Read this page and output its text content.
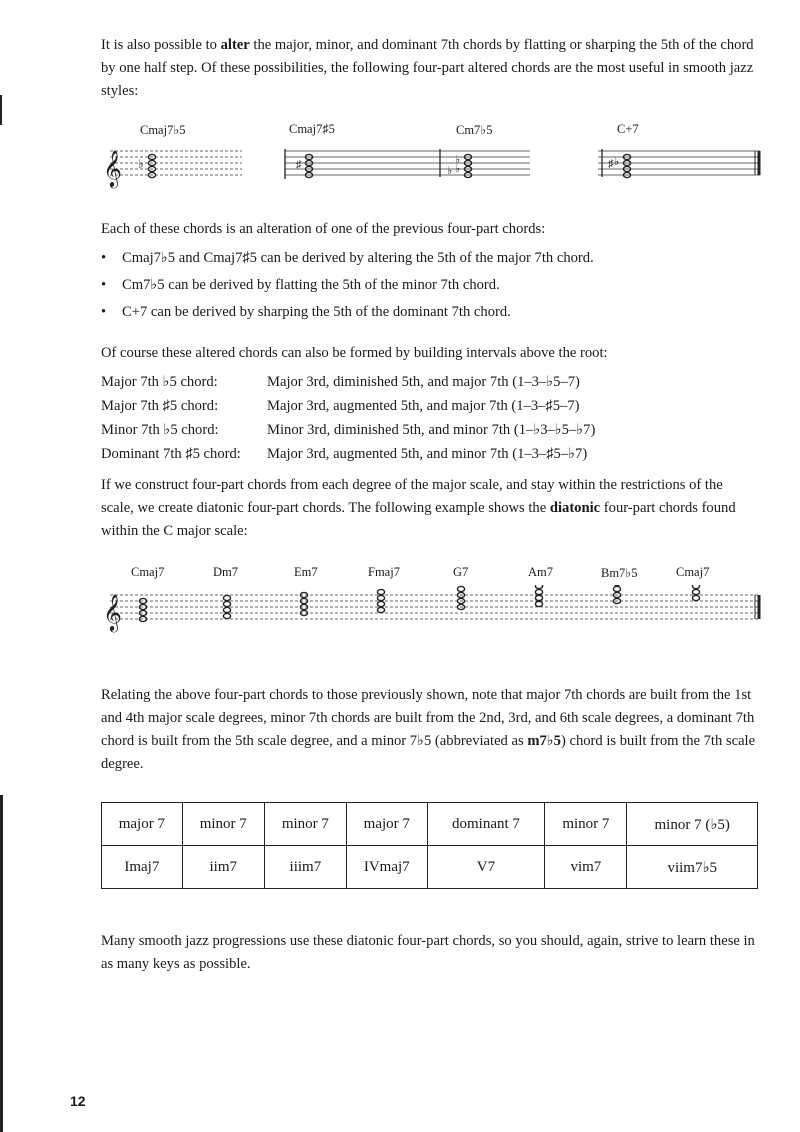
It is also possible to alter the major, minor, and dominant 7th chords by flatting or sharping the 5th of the chord by one half step. Of these possibilities, the following four-part altered chords are the most useful in smooth jazz styles:

Cmaj7♭5	Cmaj7♯5	Cm7♭5	C+7
𝄞 ♭	♯	♭
♭
♭	♯ ♭

Each of these chords is an alteration of one of the previous four-part chords:

• Cmaj7♭5 and Cmaj7♯5 can be derived by altering the 5th of the major 7th chord.
• Cm7♭5 can be derived by flatting the 5th of the minor 7th chord.
• C+7 can be derived by sharping the 5th of the dominant 7th chord.

Of course these altered chords can also be formed by building intervals above the root:

Major 7th ♭5 chord:	Major 3rd, diminished 5th, and major 7th (1–3–♭5–7)
Major 7th ♯5 chord:	Major 3rd, augmented 5th, and major 7th (1–3–♯5–7)
Minor 7th ♭5 chord:	Minor 3rd, diminished 5th, and minor 7th (1–♭3–♭5–♭7)
Dominant 7th ♯5 chord:	Major 3rd, augmented 5th, and minor 7th (1–3–♯5–♭7)

If we construct four-part chords from each degree of the major scale, and stay within the restrictions of the scale, we create diatonic four-part chords. The following example shows the diatonic four-part chords found within the C major scale:

Cmaj7	Dm7	Em7	Fmaj7	G7	Am7	Bm7♭5	Cmaj7
𝄞

Relating the above four-part chords to those previously shown, note that major 7th chords are built from the 1st and 4th major scale degrees, minor 7th chords are built from the 2nd, 3rd, and 6th scale degrees, a dominant 7th chord is built from the 5th scale degree, and a minor 7♭5 (abbreviated as m7♭5) chord is built from the 7th scale degree.

major 7	minor 7	minor 7	major 7	dominant 7	minor 7	minor 7 (♭5)
Imaj7	iim7	iiim7	IVmaj7	V7	vim7	viim7♭5

Many smooth jazz progressions use these diatonic four-part chords, so you should, again, strive to learn these in as many keys as possible.

12
